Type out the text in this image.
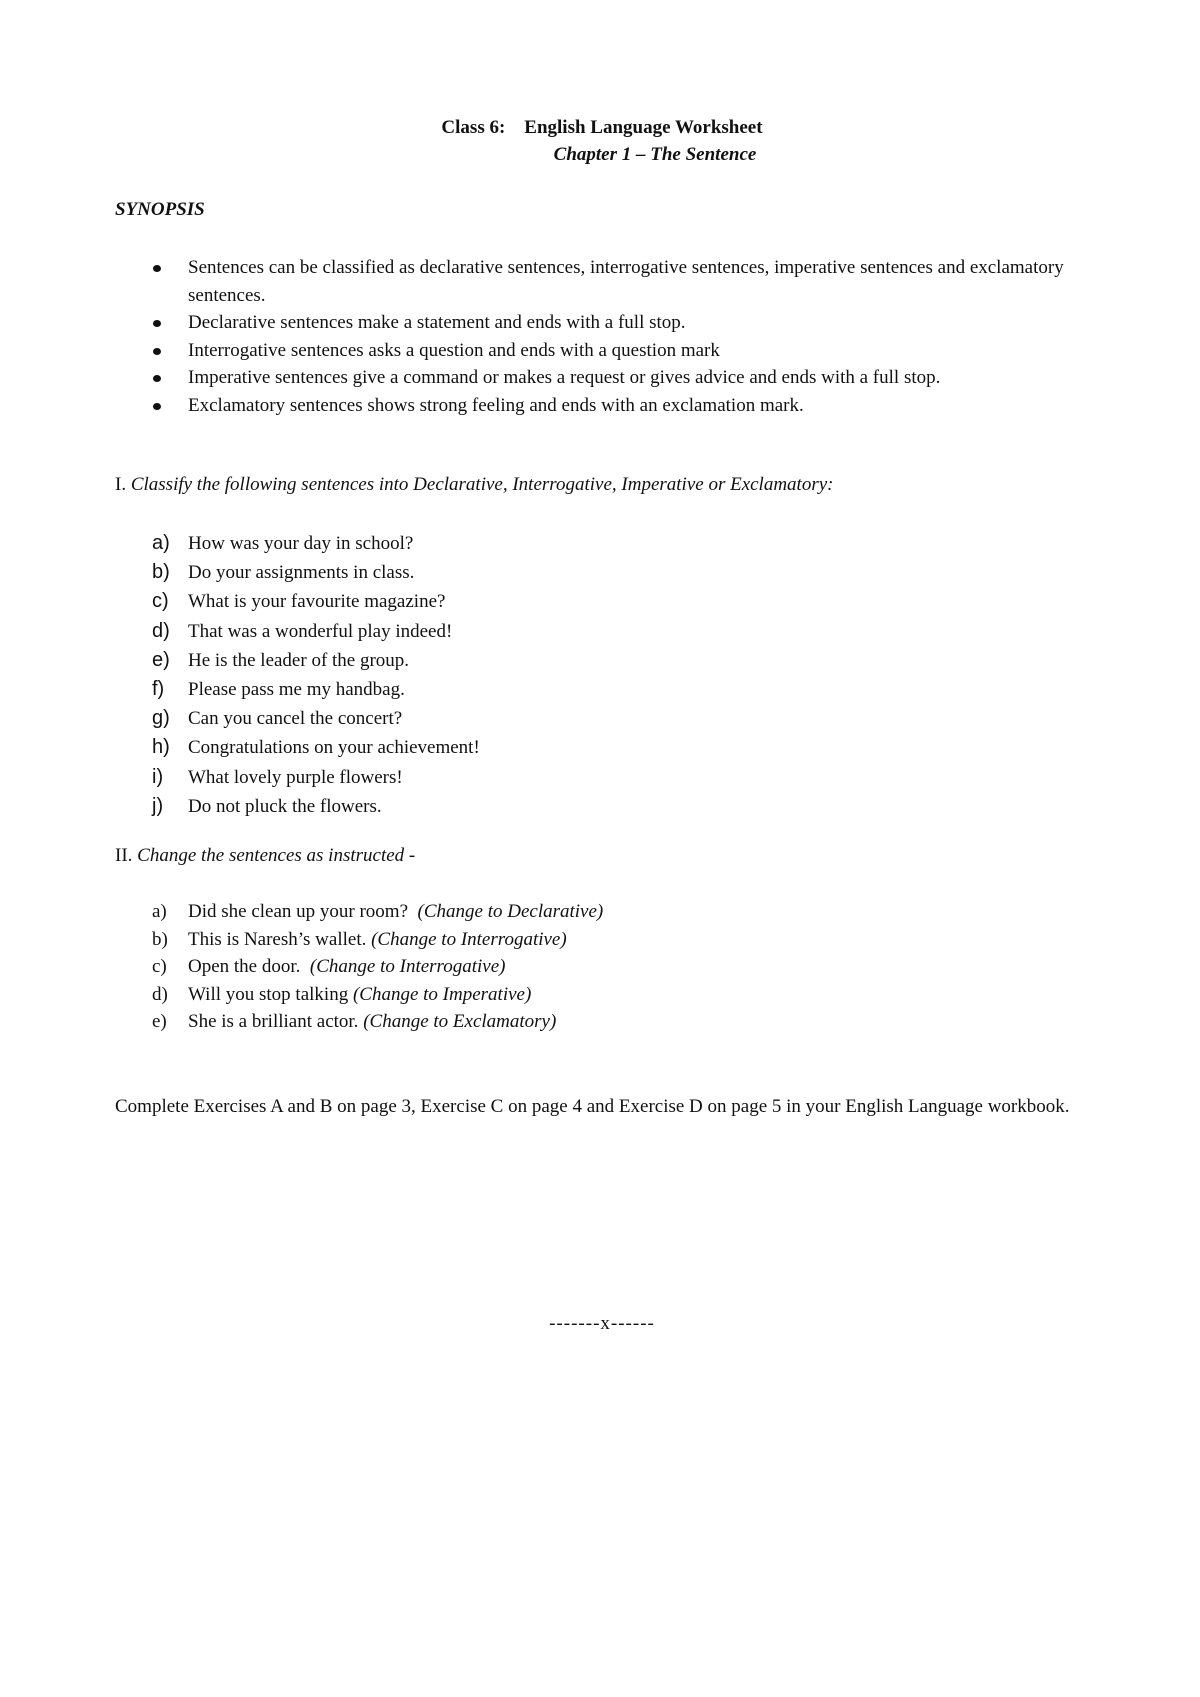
Class 6:    English Language Worksheet
Chapter 1 – The Sentence
SYNOPSIS
Sentences can be classified as declarative sentences, interrogative sentences, imperative sentences and exclamatory sentences.
Declarative sentences make a statement and ends with a full stop.
Interrogative sentences asks a question and ends with a question mark
Imperative sentences give a command or makes a request or gives advice and ends with a full stop.
Exclamatory sentences shows strong feeling and ends with an exclamation mark.
I. Classify the following sentences into Declarative, Interrogative, Imperative or Exclamatory:
a) How was your day in school?
b) Do your assignments in class.
c) What is your favourite magazine?
d) That was a wonderful play indeed!
e) He is the leader of the group.
f) Please pass me my handbag.
g) Can you cancel the concert?
h) Congratulations on your achievement!
i) What lovely purple flowers!
j) Do not pluck the flowers.
II. Change the sentences as instructed -
a) Did she clean up your room?  (Change to Declarative)
b) This is Naresh’s wallet. (Change to Interrogative)
c) Open the door.  (Change to Interrogative)
d) Will you stop talking (Change to Imperative)
e) She is a brilliant actor. (Change to Exclamatory)
Complete Exercises A and B on page 3, Exercise C on page 4 and Exercise D on page 5 in your English Language workbook.
-------x------
